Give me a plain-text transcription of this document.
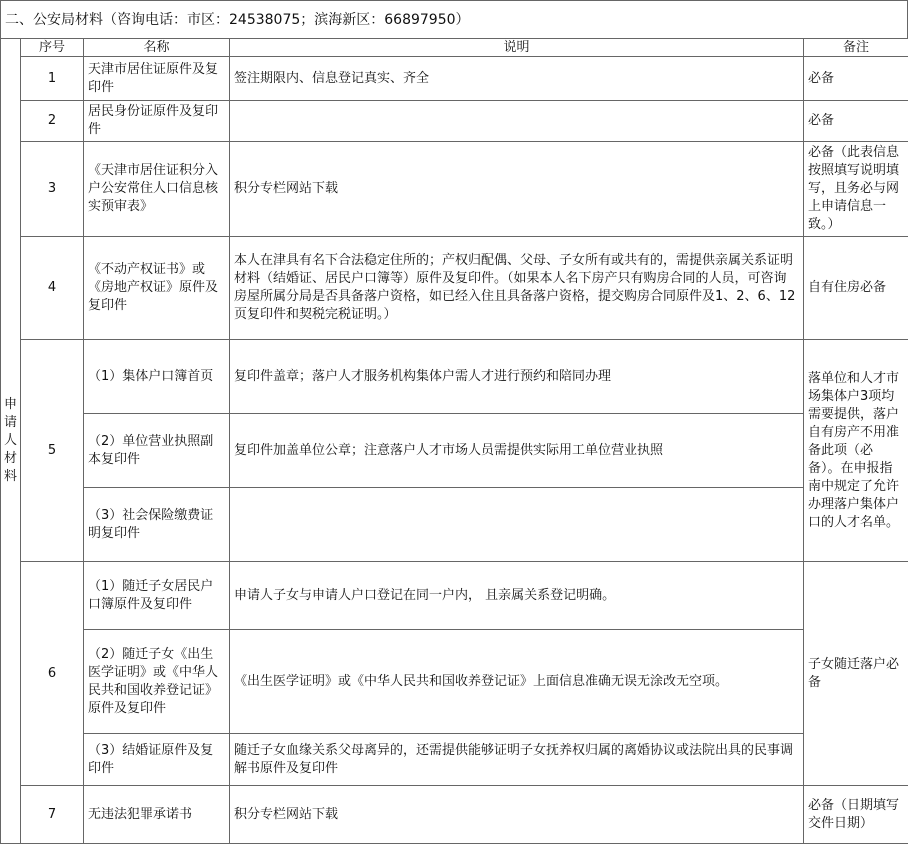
二、公安局材料（咨询电话：市区：24538075；滨海新区：66897950）
申请人材料	序号	名称	说明	备注
	1	天津市居住证原件及复印件	签注期限内、信息登记真实、齐全	必备
	2	居民身份证原件及复印件		必备
	3	《天津市居住证积分入户公安常住人口信息核实预审表》	积分专栏网站下载	必备（此表信息按照填写说明填写，且务必与网上申请信息一致。）
	4	《不动产权证书》或《房地产权证》原件及复印件	本人在津具有名下合法稳定住所的；产权归配偶、父母、子女所有或共有的，需提供亲属关系证明材料（结婚证、居民户口簿等）原件及复印件。（如果本人名下房产只有购房合同的人员，可咨询房屋所属分局是否具备落户资格，如已经入住且具备落户资格，提交购房合同原件及1、2、6、12页复印件和契税完税证明。）	自有住房必备
	5	（1）集体户口簿首页	复印件盖章；落户人才服务机构集体户需人才进行预约和陪同办理	落单位和人才市场集体户3项均需要提供，落户自有房产不用准备此项（必备）。在申报指南中规定了允许办理落户集体户口的人才名单。
		（2）单位营业执照副本复印件	复印件加盖单位公章；注意落户人才市场人员需提供实际用工单位营业执照	
		（3）社会保险缴费证明复印件		
	6	（1）随迁子女居民户口簿原件及复印件	申请人子女与申请人户口登记在同一户内， 且亲属关系登记明确。	子女随迁落户必备
		（2）随迁子女《出生医学证明》或《中华人民共和国收养登记证》原件及复印件	《出生医学证明》或《中华人民共和国收养登记证》上面信息准确无误无涂改无空项。	
		（3）结婚证原件及复印件	随迁子女血缘关系父母离异的，还需提供能够证明子女抚养权归属的离婚协议或法院出具的民事调解书原件及复印件	
	7	无违法犯罪承诺书	积分专栏网站下载	必备（日期填写交件日期）
